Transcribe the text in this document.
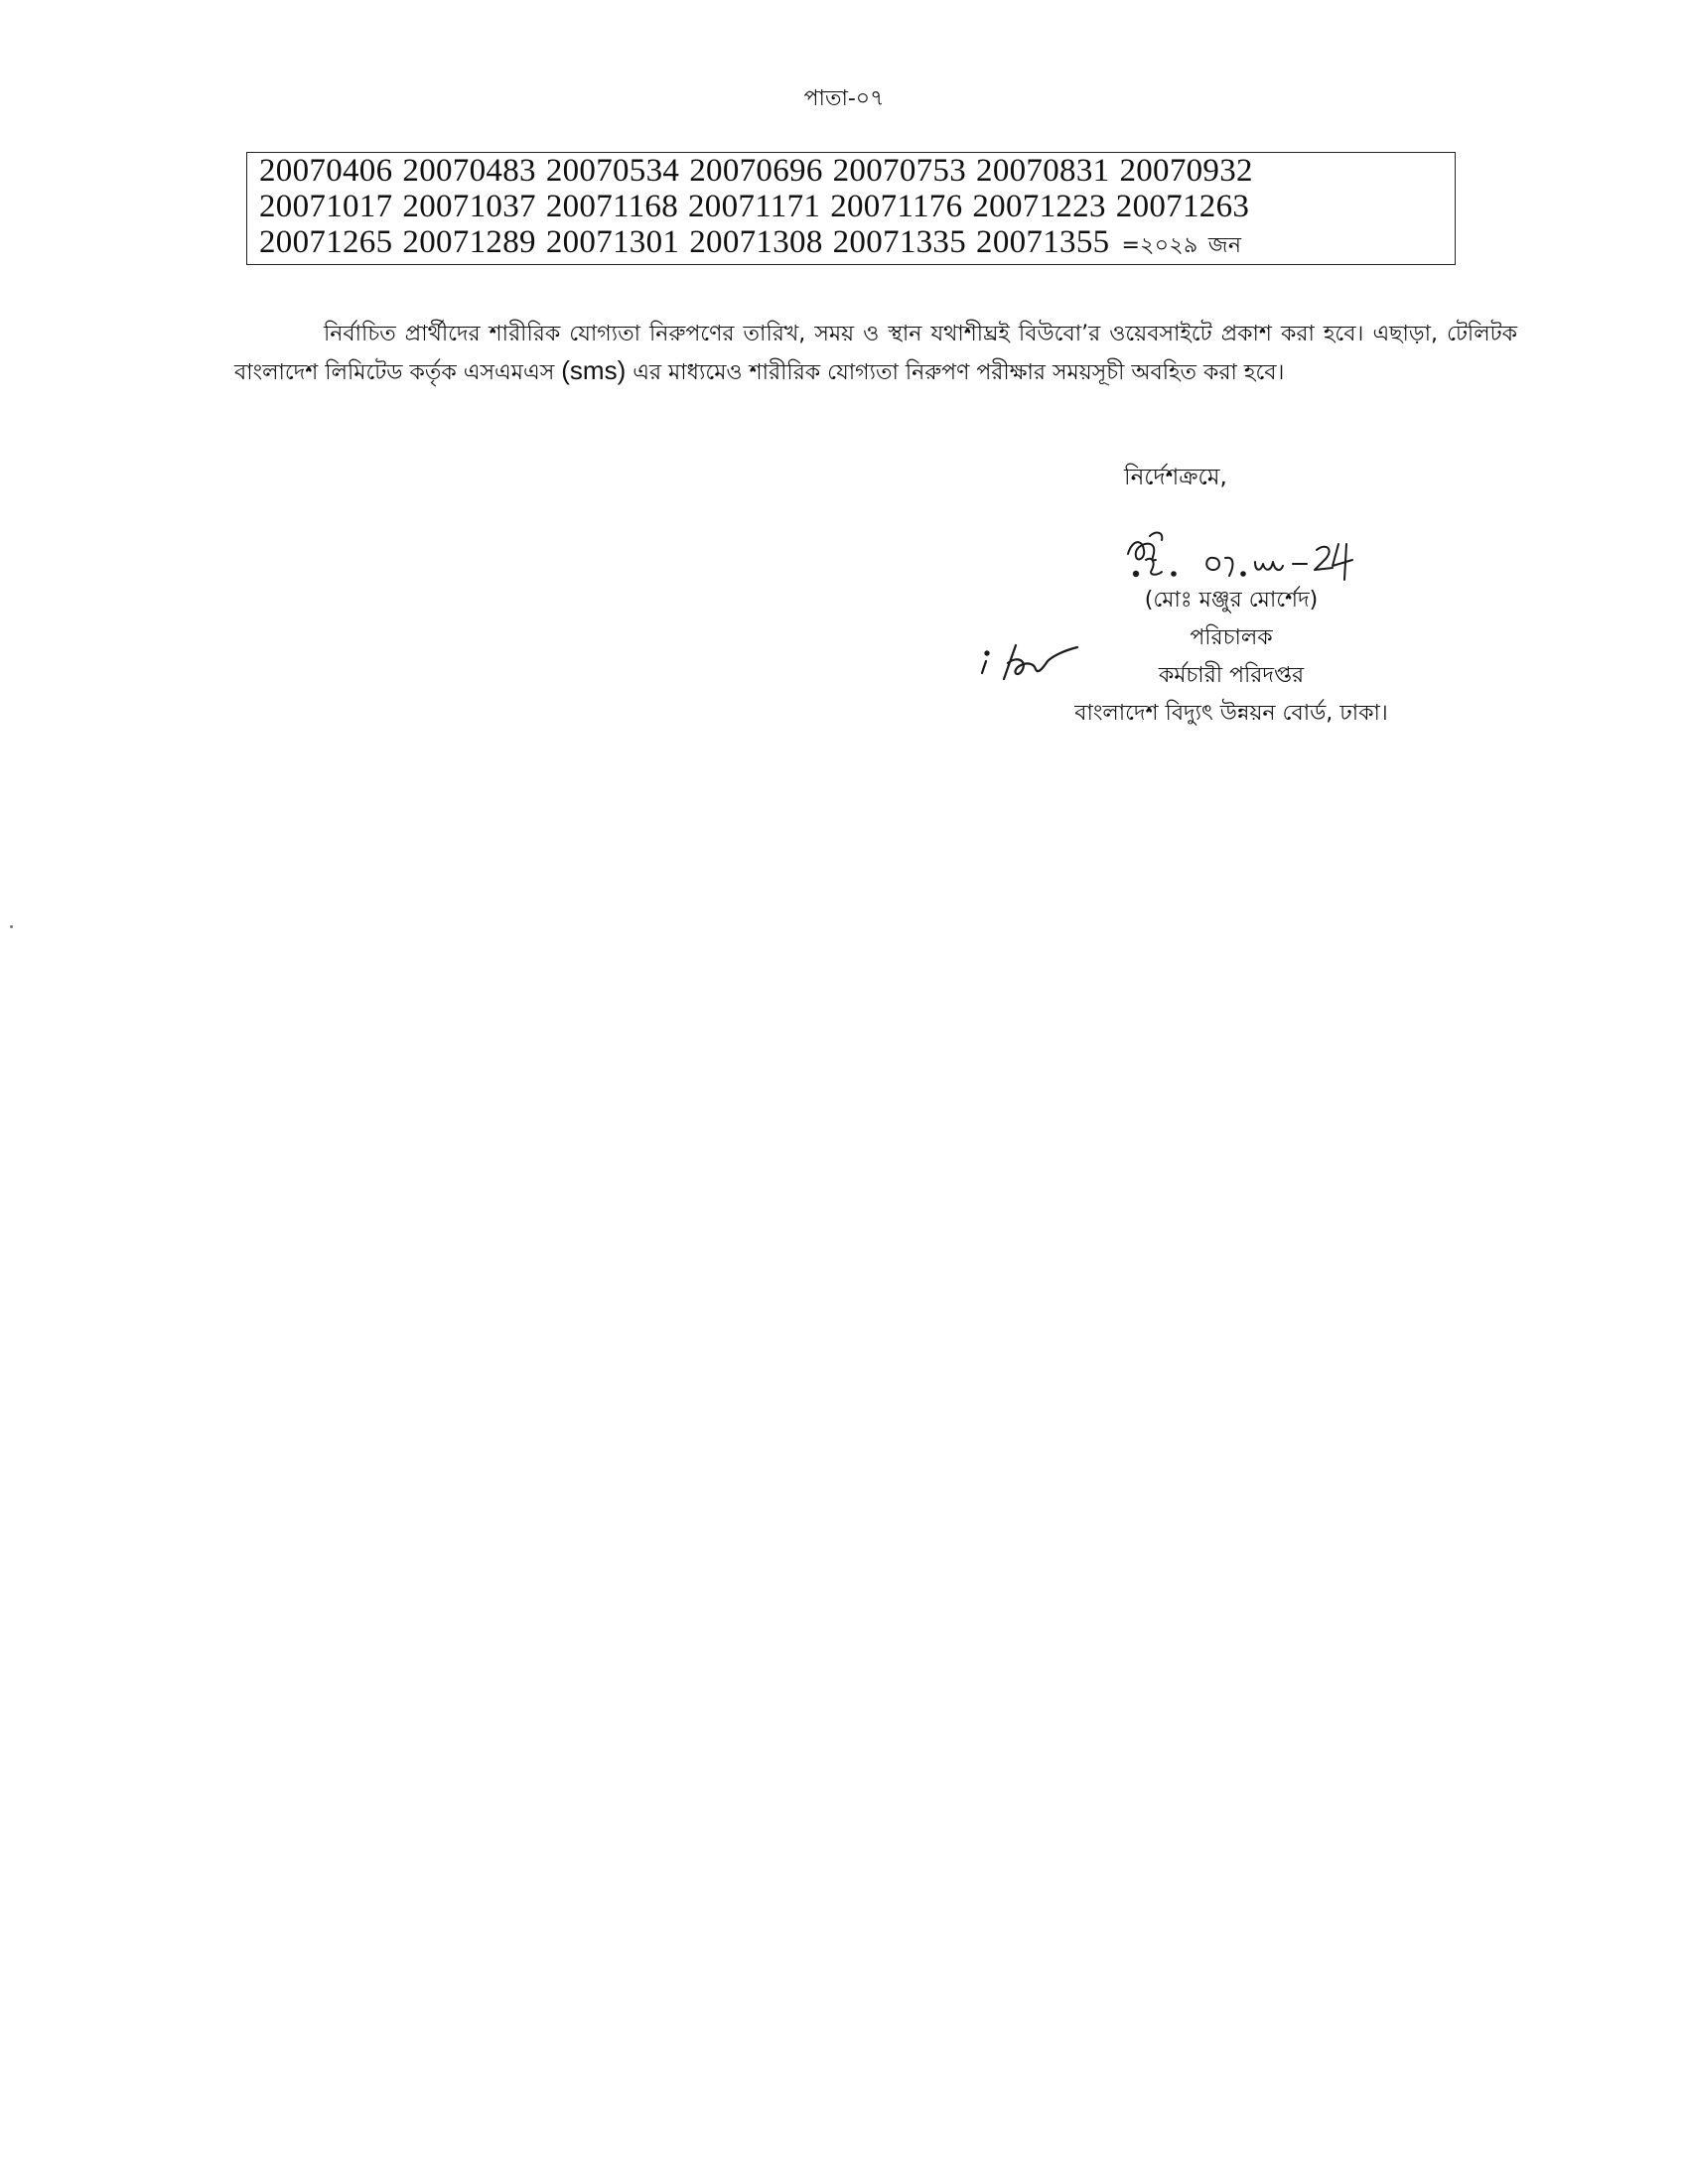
পাতা-০৭
20070406 20070483 20070534 20070696 20070753 20070831 20070932
20071017 20071037 20071168 20071171 20071176 20071223 20071263
20071265 20071289 20071301 20071308 20071335 20071355 =২০২৯ জন

নির্বাচিত প্রার্থীদের শারীরিক যোগ্যতা নিরুপণের তারিখ, সময় ও স্থান যথাশীঘ্রই বিউবো’র ওয়েবসাইটে প্রকাশ করা হবে। এছাড়া, টেলিটক বাংলাদেশ লিমিটেড কর্তৃক এসএমএস (sms) এর মাধ্যমেও শারীরিক যোগ্যতা নিরুপণ পরীক্ষার সময়সূচী অবহিত করা হবে।

নির্দেশক্রমে,
(মোঃ মঞ্জুর মোর্শেদ)
পরিচালক
কর্মচারী পরিদপ্তর
বাংলাদেশ বিদ্যুৎ উন্নয়ন বোর্ড, ঢাকা।
